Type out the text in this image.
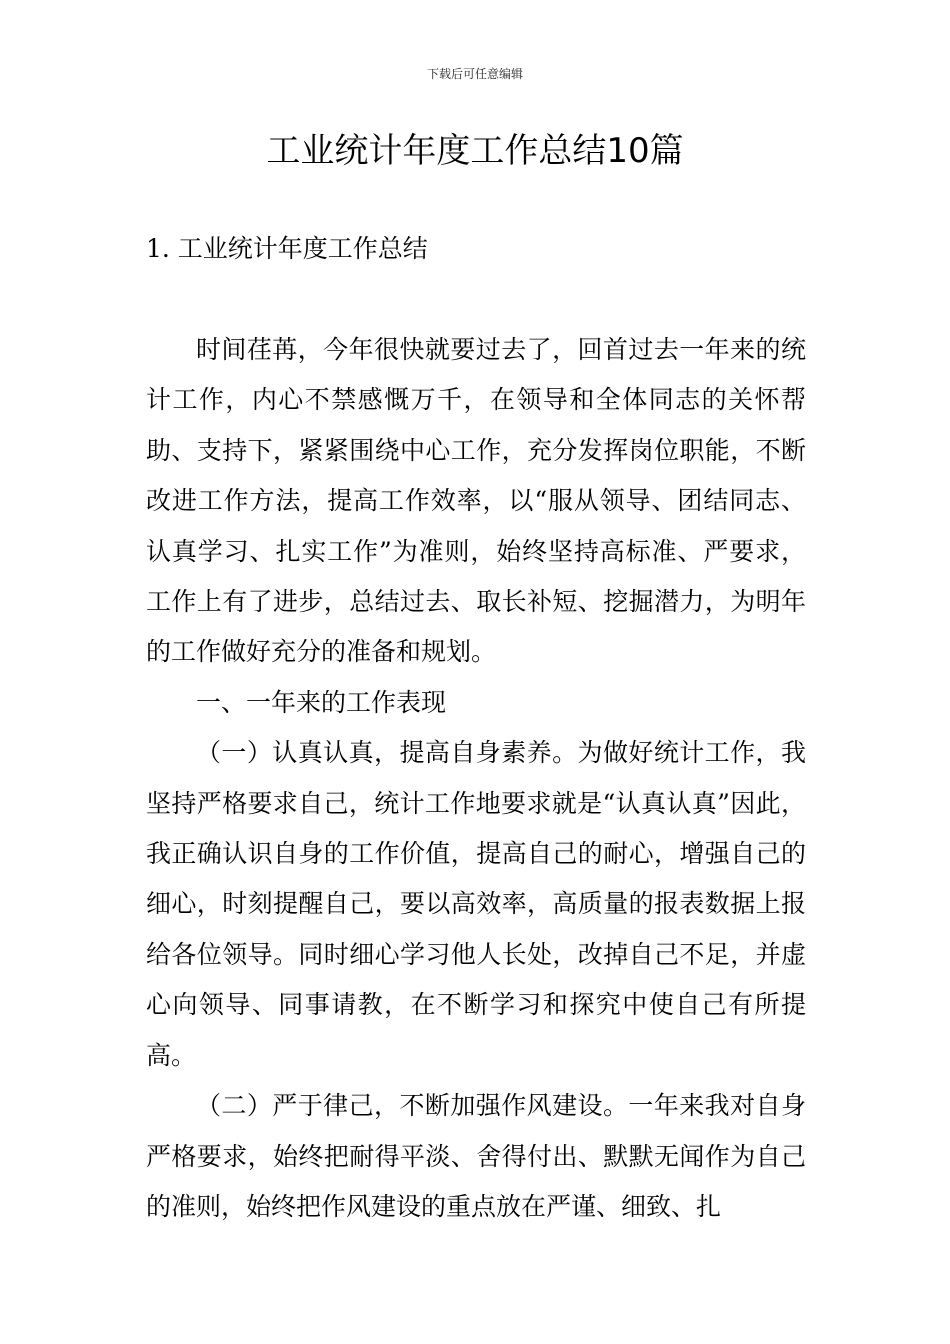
下载后可任意编辑
工业统计年度工作总结10篇
1. 工业统计年度工作总结

时间荏苒，今年很快就要过去了，回首过去一年来的统计工作，内心不禁感慨万千，在领导和全体同志的关怀帮助、支持下，紧紧围绕中心工作，充分发挥岗位职能，不断改进工作方法，提高工作效率，以“服从领导、团结同志、认真学习、扎实工作”为准则，始终坚持高标准、严要求，工作上有了进步，总结过去、取长补短、挖掘潜力，为明年的工作做好充分的准备和规划。

一、一年来的工作表现

（一）认真认真，提高自身素养。为做好统计工作，我坚持严格要求自己，统计工作地要求就是“认真认真”因此，我正确认识自身的工作价值，提高自己的耐心，增强自己的细心，时刻提醒自己，要以高效率，高质量的报表数据上报给各位领导。同时细心学习他人长处，改掉自己不足，并虚心向领导、同事请教，在不断学习和探究中使自己有所提高。

（二）严于律己，不断加强作风建设。一年来我对自身严格要求，始终把耐得平淡、舍得付出、默默无闻作为自己的准则，始终把作风建设的重点放在严谨、细致、扎
